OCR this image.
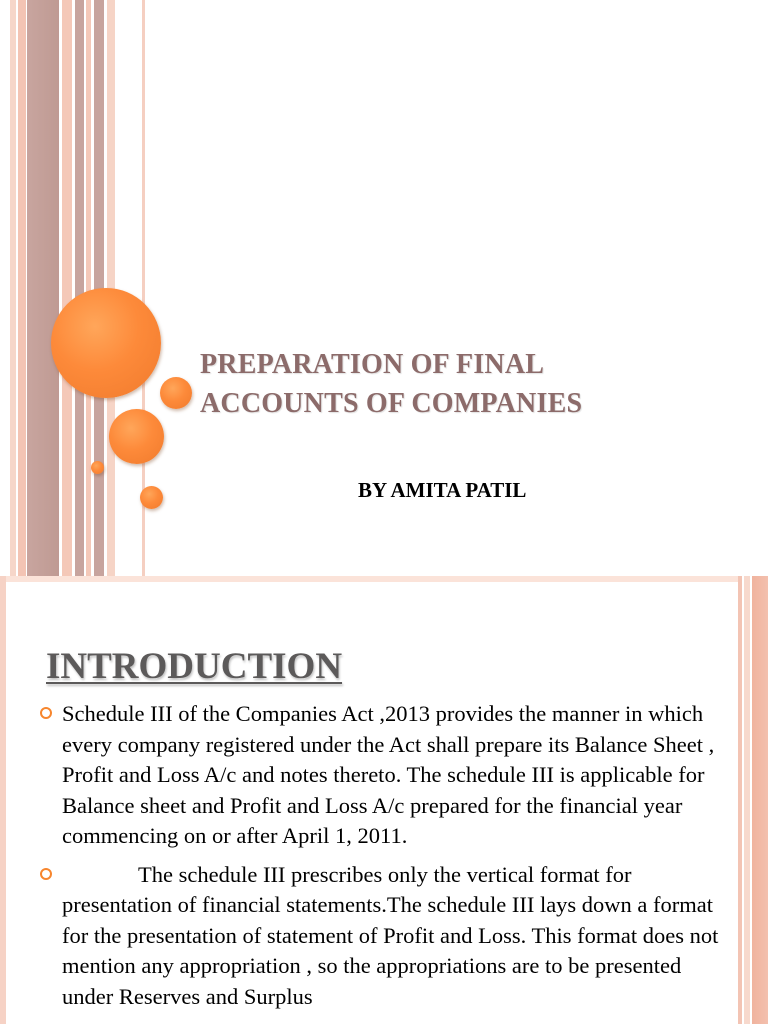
PREPARATION OF FINAL
ACCOUNTS OF COMPANIES
BY AMITA PATIL
INTRODUCTION
Schedule III of the Companies Act ,2013 provides the manner in which every company registered under the Act shall prepare its Balance Sheet , Profit and Loss A/c and notes thereto. The schedule III is applicable for Balance sheet and Profit and Loss A/c prepared for the financial year commencing on or after April 1, 2011.
The schedule III prescribes only the vertical format for presentation of financial statements.The schedule III lays down a format for the presentation of statement of Profit and Loss. This format does not mention any appropriation , so the appropriations are to be presented under Reserves and Surplus
